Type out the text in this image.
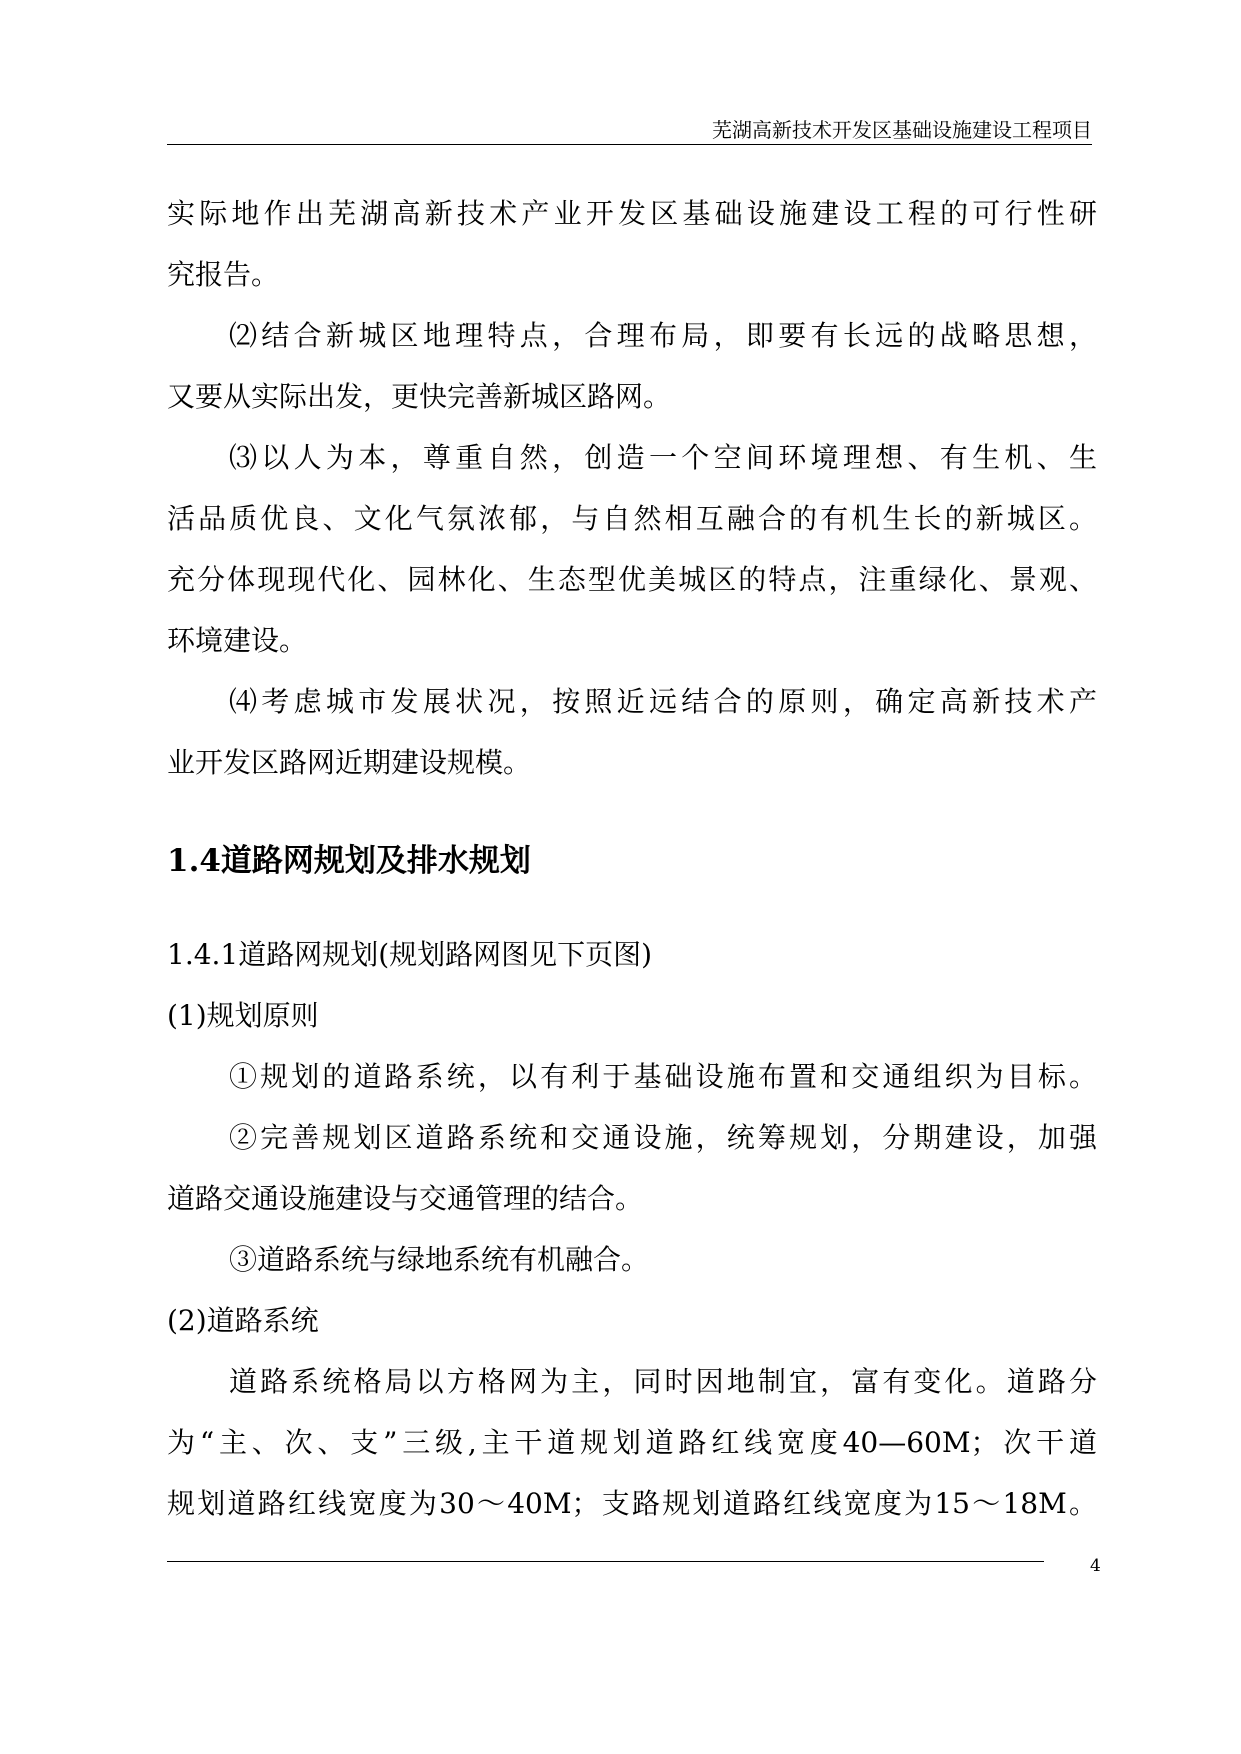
芜湖高新技术开发区基础设施建设工程项目
实际地作出芜湖高新技术产业开发区基础设施建设工程的可行性研
究报告。
⑵结合新城区地理特点，合理布局，即要有长远的战略思想，
又要从实际出发，更快完善新城区路网。
⑶以人为本，尊重自然，创造一个空间环境理想、有生机、生
活品质优良、文化气氛浓郁，与自然相互融合的有机生长的新城区。
充分体现现代化、园林化、生态型优美城区的特点，注重绿化、景观、
环境建设。
⑷考虑城市发展状况，按照近远结合的原则，确定高新技术产
业开发区路网近期建设规模。
1.4道路网规划及排水规划
1.4.1道路网规划(规划路网图见下页图)
(1)规划原则
①规划的道路系统，以有利于基础设施布置和交通组织为目标。
②完善规划区道路系统和交通设施，统筹规划，分期建设，加强
道路交通设施建设与交通管理的结合。
③道路系统与绿地系统有机融合。
(2)道路系统
道路系统格局以方格网为主，同时因地制宜，富有变化。道路分
为“主、次、支”三级,主干道规划道路红线宽度40—60M；次干道
规划道路红线宽度为30～40M；支路规划道路红线宽度为15～18M。
4
